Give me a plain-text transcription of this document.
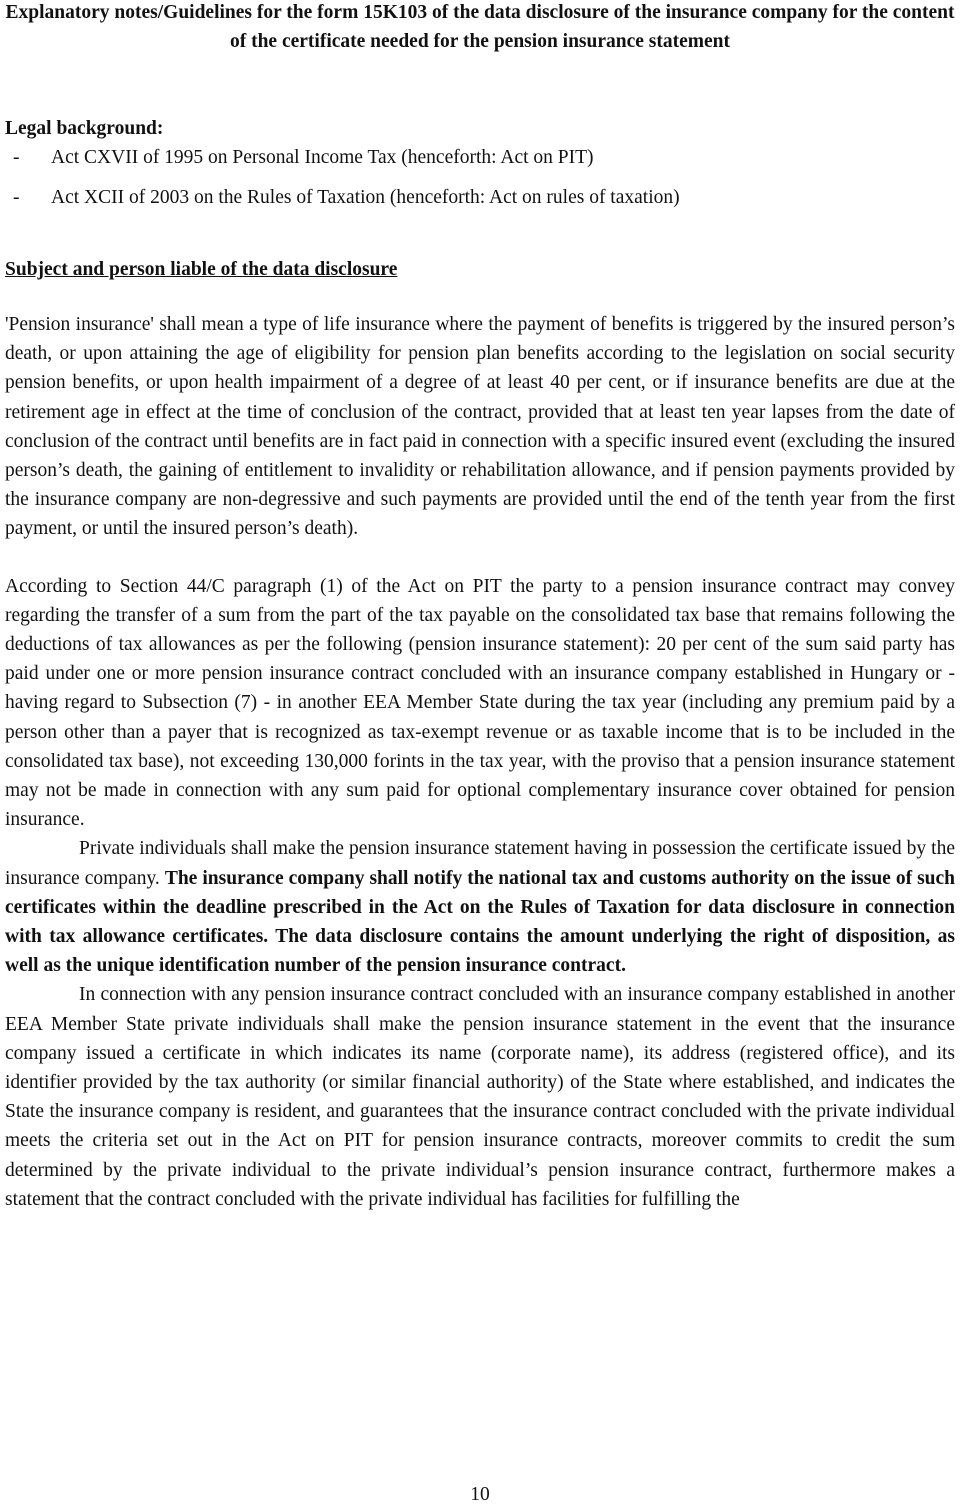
Explanatory notes/Guidelines for the form 15K103 of the data disclosure of the insurance company for the content of the certificate needed for the pension insurance statement

Legal background:

-	Act CXVII of 1995 on Personal Income Tax (henceforth: Act on PIT)
-	Act XCII of 2003 on the Rules of Taxation (henceforth: Act on rules of taxation)

Subject and person liable of the data disclosure

'Pension insurance' shall mean a type of life insurance where the payment of benefits is triggered by the insured person’s death, or upon attaining the age of eligibility for pension plan benefits according to the legislation on social security pension benefits, or upon health impairment of a degree of at least 40 per cent, or if insurance benefits are due at the retirement age in effect at the time of conclusion of the contract, provided that at least ten year lapses from the date of conclusion of the contract until benefits are in fact paid in connection with a specific insured event (excluding the insured person’s death, the gaining of entitlement to invalidity or rehabilitation allowance, and if pension payments provided by the insurance company are non-degressive and such payments are provided until the end of the tenth year from the first payment, or until the insured person’s death).

According to Section 44/C paragraph (1) of the Act on PIT the party to a pension insurance contract may convey regarding the transfer of a sum from the part of the tax payable on the consolidated tax base that remains following the deductions of tax allowances as per the following (pension insurance statement): 20 per cent of the sum said party has paid under one or more pension insurance contract concluded with an insurance company established in Hungary or - having regard to Subsection (7) - in another EEA Member State during the tax year (including any premium paid by a person other than a payer that is recognized as tax-exempt revenue or as taxable income that is to be included in the consolidated tax base), not exceeding 130,000 forints in the tax year, with the proviso that a pension insurance statement may not be made in connection with any sum paid for optional complementary insurance cover obtained for pension insurance.

Private individuals shall make the pension insurance statement having in possession the certificate issued by the insurance company. The insurance company shall notify the national tax and customs authority on the issue of such certificates within the deadline prescribed in the Act on the Rules of Taxation for data disclosure in connection with tax allowance certificates. The data disclosure contains the amount underlying the right of disposition, as well as the unique identification number of the pension insurance contract.

In connection with any pension insurance contract concluded with an insurance company established in another EEA Member State private individuals shall make the pension insurance statement in the event that the insurance company issued a certificate in which indicates its name (corporate name), its address (registered office), and its identifier provided by the tax authority (or similar financial authority) of the State where established, and indicates the State the insurance company is resident, and guarantees that the insurance contract concluded with the private individual meets the criteria set out in the Act on PIT for pension insurance contracts, moreover commits to credit the sum determined by the private individual to the private individual’s pension insurance contract, furthermore makes a statement that the contract concluded with the private individual has facilities for fulfilling the

10
